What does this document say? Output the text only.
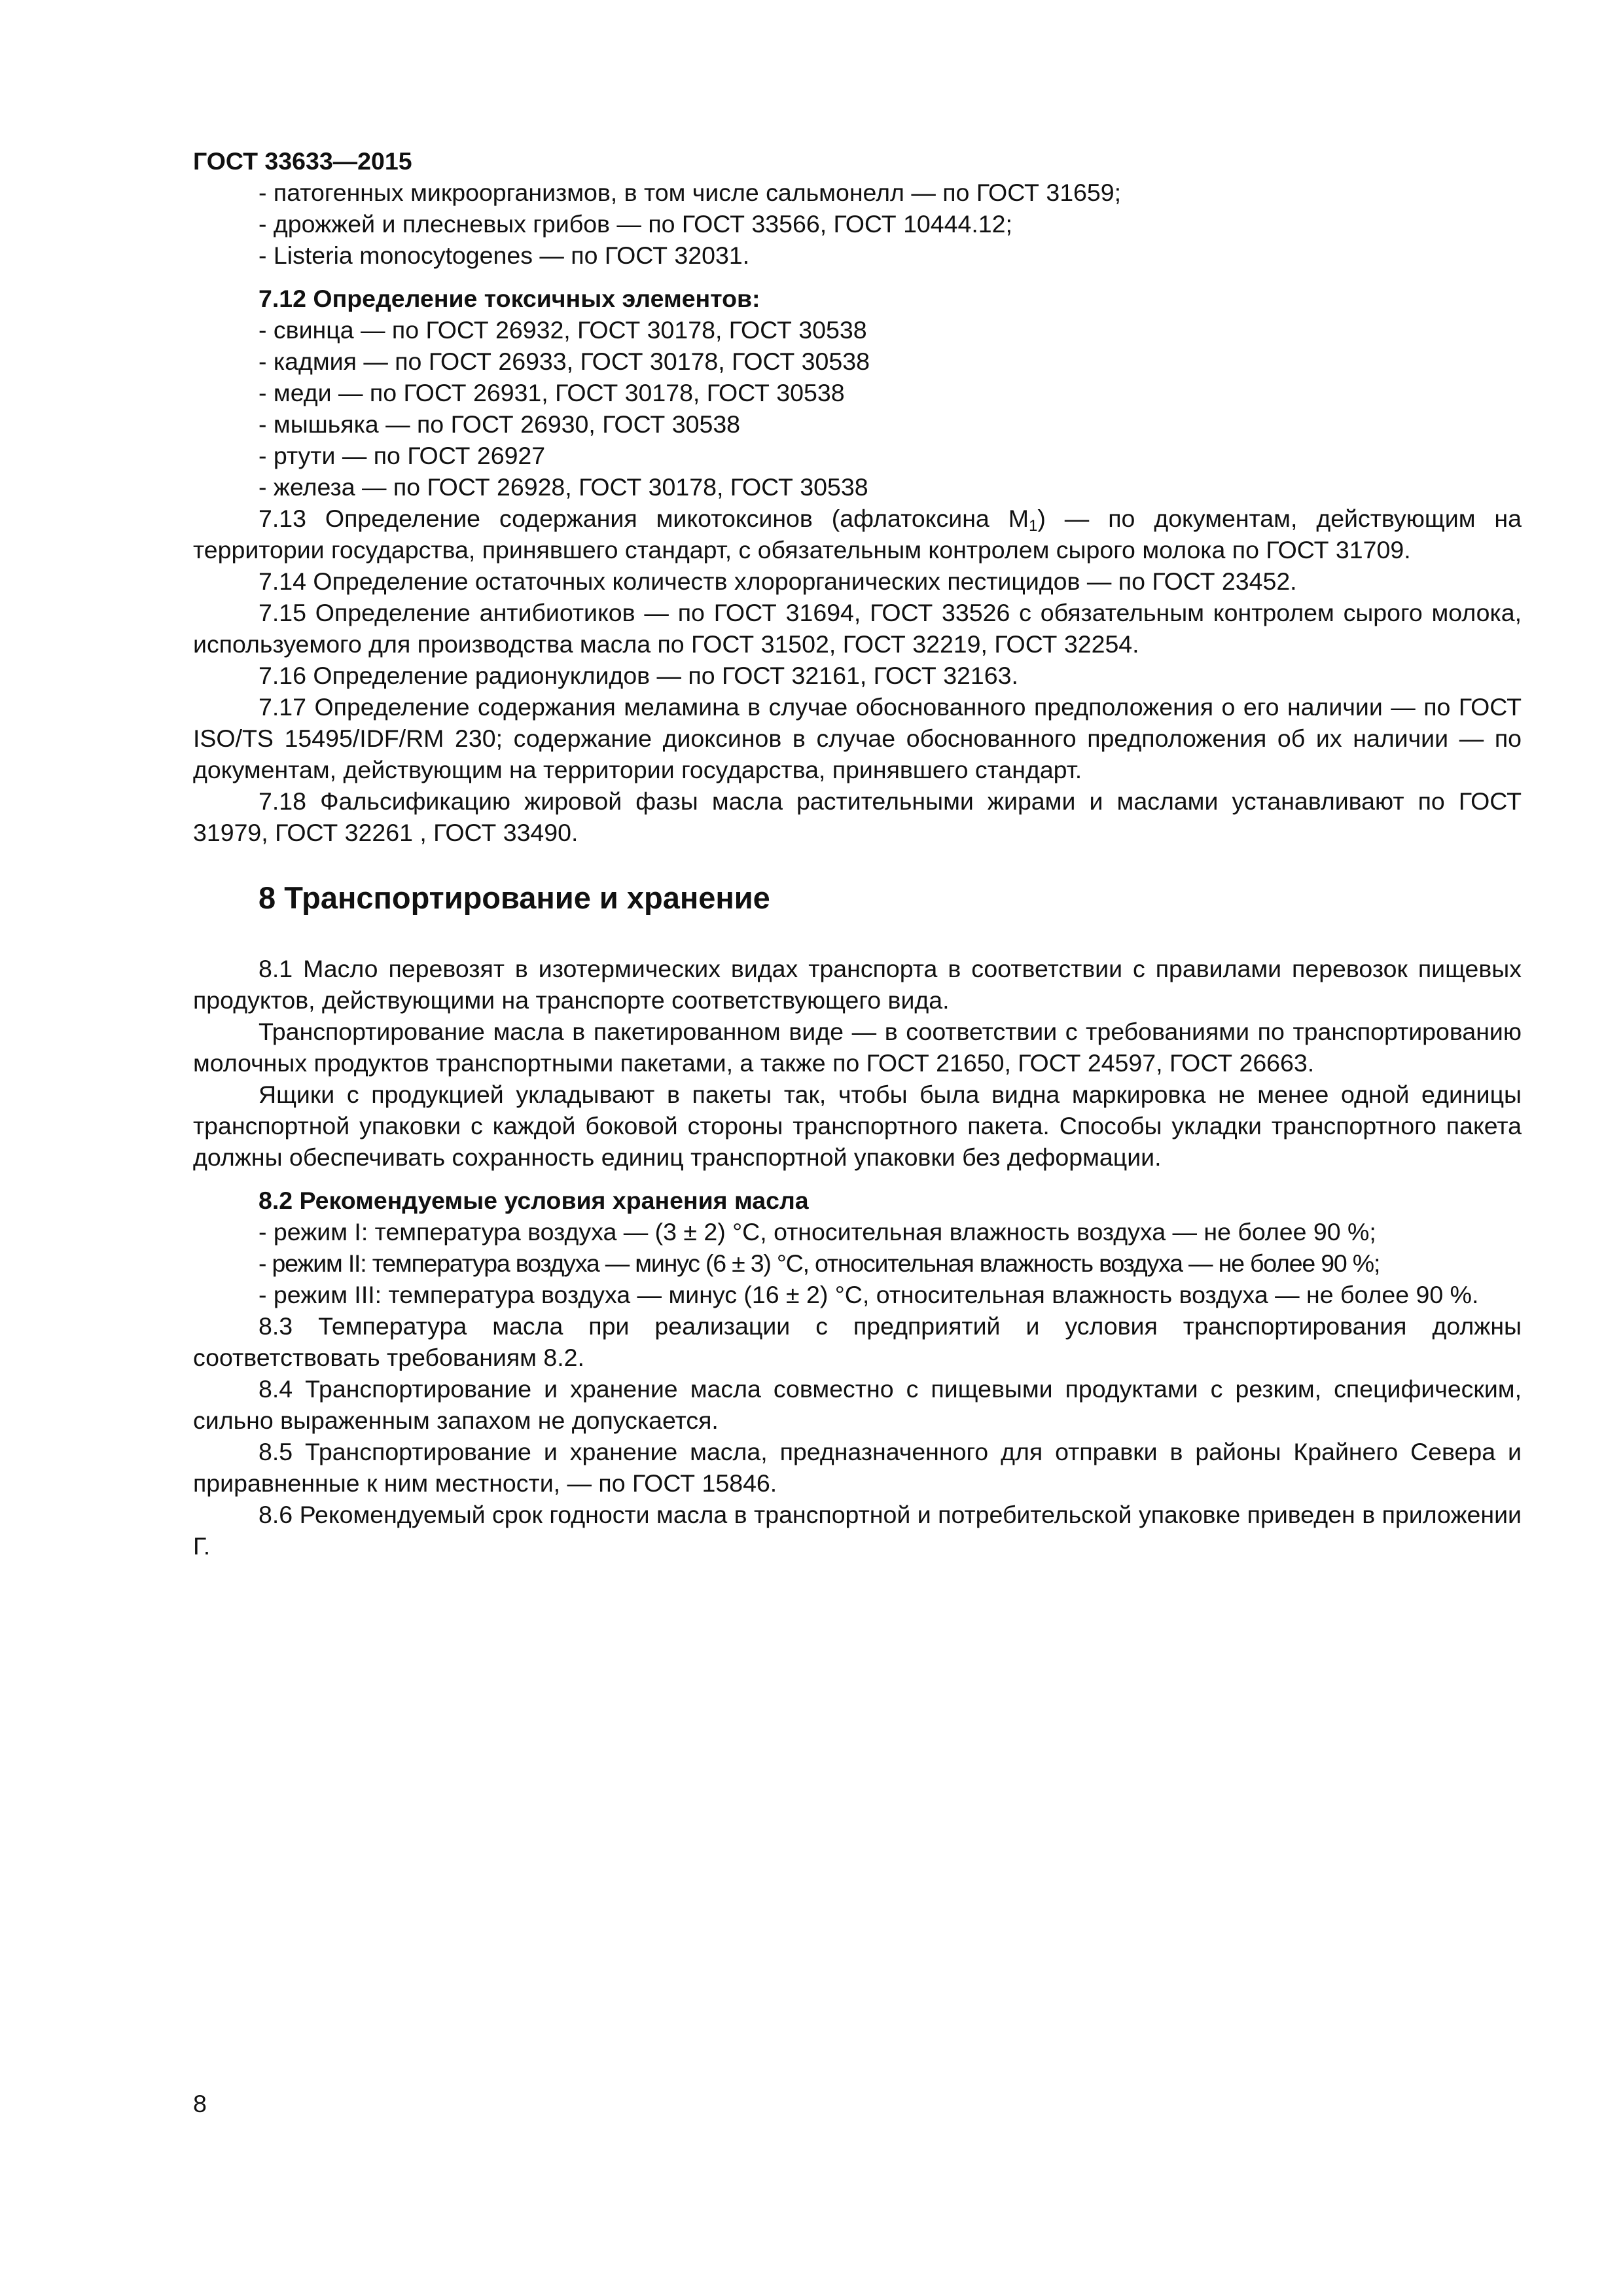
ГОСТ 33633—2015

- патогенных микроорганизмов, в том числе сальмонелл — по ГОСТ 31659;

- дрожжей и плесневых грибов — по ГОСТ 33566, ГОСТ 10444.12;

- Listeria monocytogenes — по ГОСТ 32031.

7.12 Определение токсичных элементов:

- свинца — по ГОСТ 26932, ГОСТ 30178, ГОСТ 30538

- кадмия — по ГОСТ 26933, ГОСТ 30178, ГОСТ 30538

- меди — по ГОСТ 26931, ГОСТ 30178, ГОСТ 30538

- мышьяка — по ГОСТ 26930, ГОСТ 30538

- ртути — по ГОСТ 26927

- железа — по ГОСТ 26928, ГОСТ 30178, ГОСТ 30538

7.13 Определение содержания микотоксинов (афлатоксина $M_1$) — по документам, действующим на территории государства, принявшего стандарт, с обязательным контролем сырого молока по ГОСТ 31709.

7.14 Определение остаточных количеств хлорорганических пестицидов — по ГОСТ 23452.

7.15 Определение антибиотиков — по ГОСТ 31694, ГОСТ 33526 с обязательным контролем сырого молока, используемого для производства масла по ГОСТ 31502, ГОСТ 32219, ГОСТ 32254.

7.16 Определение радионуклидов — по ГОСТ 32161, ГОСТ 32163.

7.17 Определение содержания меламина в случае обоснованного предположения о его наличии — по ГОСТ ISO/TS 15495/IDF/RM 230; содержание диоксинов в случае обоснованного предположения об их наличии — по документам, действующим на территории государства, принявшего стандарт.

7.18 Фальсификацию жировой фазы масла растительными жирами и маслами устанавливают по ГОСТ 31979, ГОСТ 32261 , ГОСТ 33490.

8 Транспортирование и хранение

8.1 Масло перевозят в изотермических видах транспорта в соответствии с правилами перевозок пищевых продуктов, действующими на транспорте соответствующего вида.

Транспортирование масла в пакетированном виде — в соответствии с требованиями по транспортированию молочных продуктов транспортными пакетами, а также по ГОСТ 21650, ГОСТ 24597, ГОСТ 26663.

Ящики с продукцией укладывают в пакеты так, чтобы была видна маркировка не менее одной единицы транспортной упаковки с каждой боковой стороны транспортного пакета. Способы укладки транспортного пакета должны обеспечивать сохранность единиц транспортной упаковки без деформации.

8.2 Рекомендуемые условия хранения масла

- режим I: температура воздуха — (3 ± 2) °С, относительная влажность воздуха — не более 90 %;

- режим II: температура воздуха — минус (6 ± 3) °С, относительная влажность воздуха — не более 90 %;

- режим III: температура воздуха — минус (16 ± 2) °С, относительная влажность воздуха — не более 90 %.

8.3 Температура масла при реализации с предприятий и условия транспортирования должны соответствовать требованиям 8.2.

8.4 Транспортирование и хранение масла совместно с пищевыми продуктами с резким, специфическим, сильно выраженным запахом не допускается.

8.5 Транспортирование и хранение масла, предназначенного для отправки в районы Крайнего Севера и приравненные к ним местности, — по ГОСТ 15846.

8.6 Рекомендуемый срок годности масла в транспортной и потребительской упаковке приведен в приложении Г.

8
